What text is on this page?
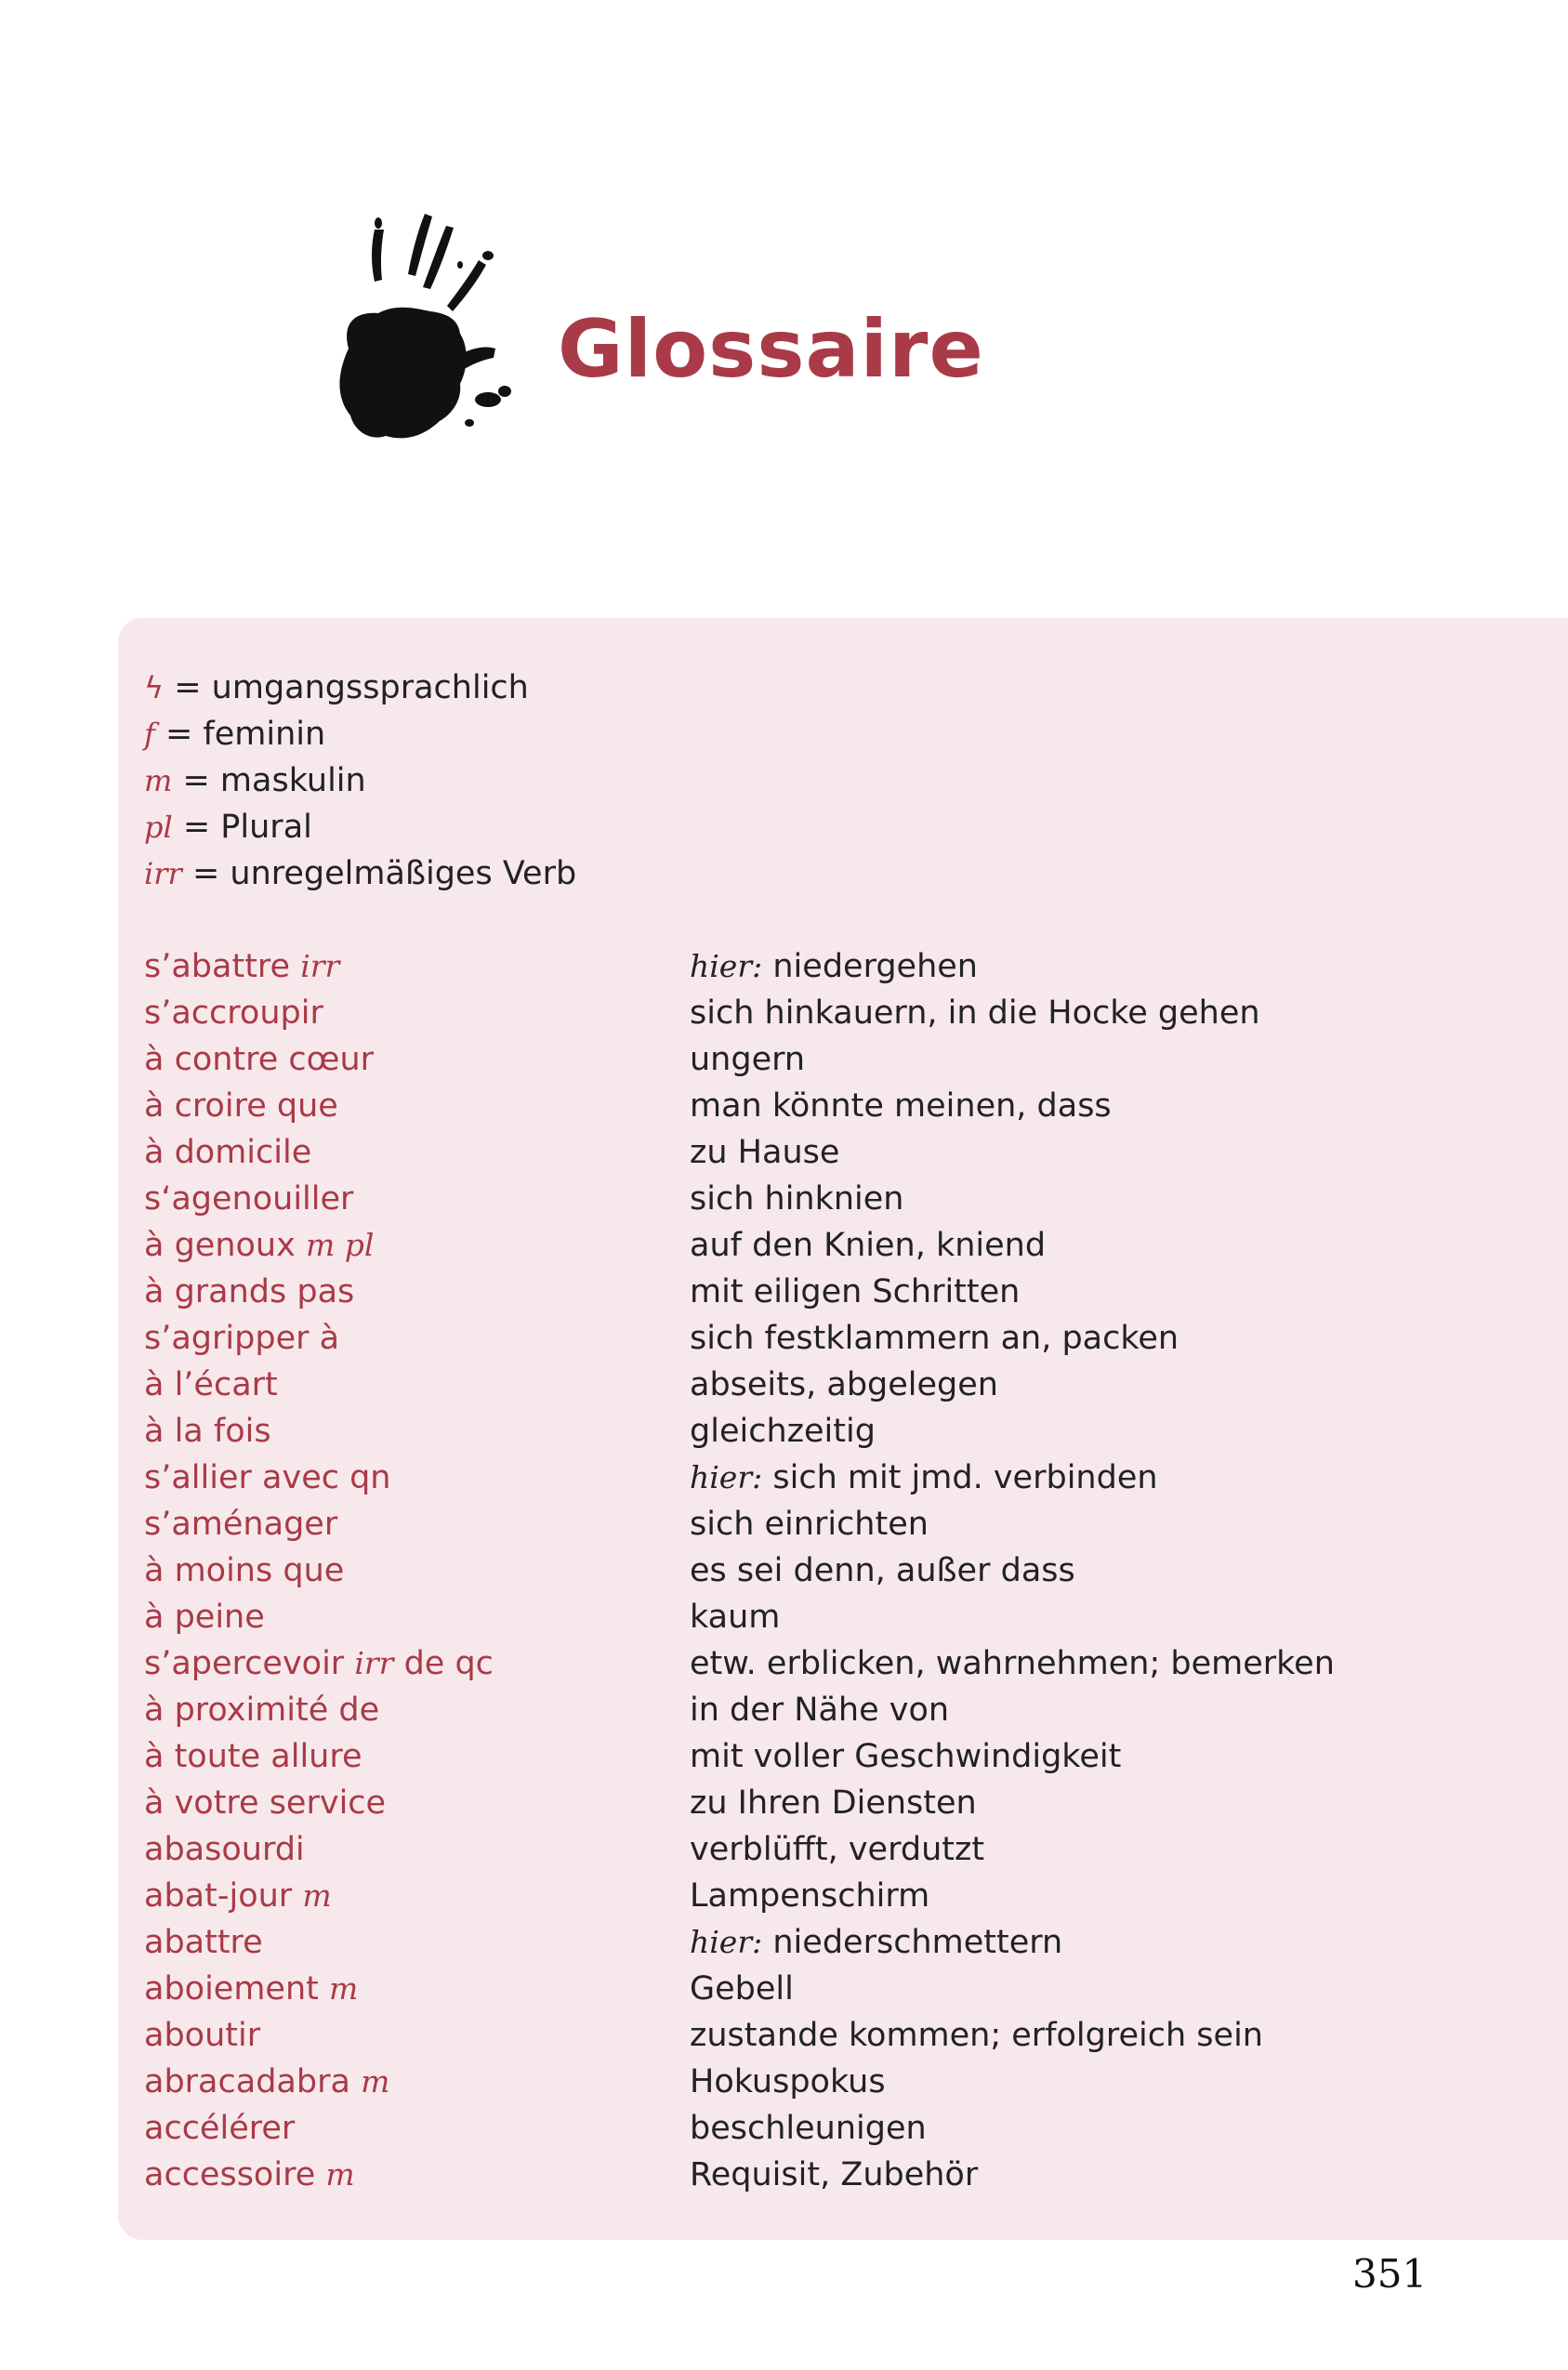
Glossaire
ϟ = umgangssprachlich
f = feminin
m = maskulin
pl = Plural
irr = unregelmäßiges Verb
s’abattre irr	hier: niedergehen
s’accroupir	sich hinkauern, in die Hocke gehen
à contre cœur	ungern
à croire que	man könnte meinen, dass
à domicile	zu Hause
s‘agenouiller	sich hinknien
à genoux m pl	auf den Knien, kniend
à grands pas	mit eiligen Schritten
s’agripper à	sich festklammern an, packen
à l’écart	abseits, abgelegen
à la fois	gleichzeitig
s’allier avec qn	hier: sich mit jmd. verbinden
s’aménager	sich einrichten
à moins que	es sei denn, außer dass
à peine	kaum
s’apercevoir irr de qc	etw. erblicken, wahrnehmen; bemerken
à proximité de	in der Nähe von
à toute allure	mit voller Geschwindigkeit
à votre service	zu Ihren Diensten
abasourdi	verblüfft, verdutzt
abat-jour m	Lampenschirm
abattre	hier: niederschmettern
aboiement m	Gebell
aboutir	zustande kommen; erfolgreich sein
abracadabra m	Hokuspokus
accélérer	beschleunigen
accessoire m	Requisit, Zubehör
351
